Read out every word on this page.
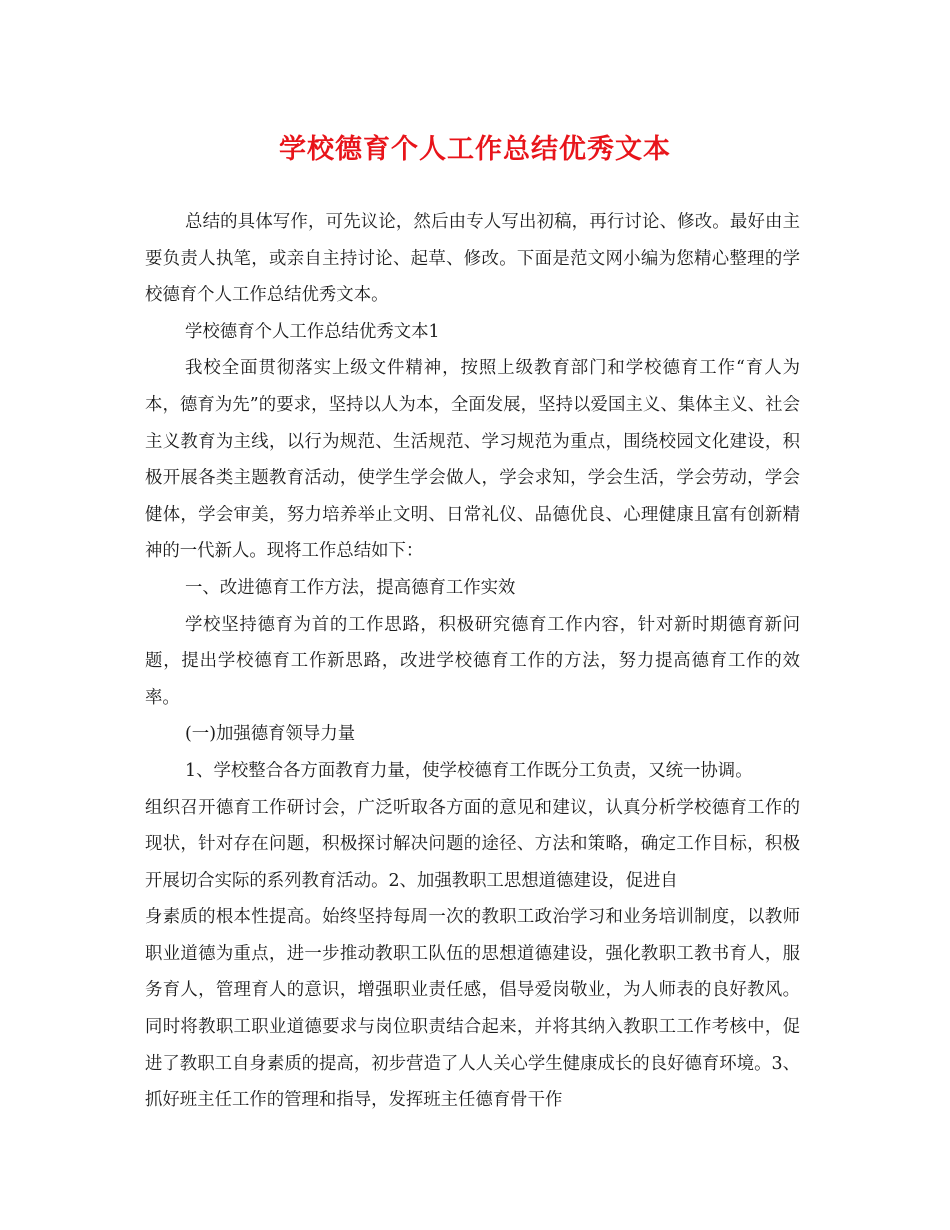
学校德育个人工作总结优秀文本

总结的具体写作，可先议论，然后由专人写出初稿，再行讨论、修改。最好由主要负责人执笔，或亲自主持讨论、起草、修改。下面是范文网小编为您精心整理的学校德育个人工作总结优秀文本。

学校德育个人工作总结优秀文本1

我校全面贯彻落实上级文件精神，按照上级教育部门和学校德育工作“育人为本，德育为先”的要求，坚持以人为本，全面发展，坚持以爱国主义、集体主义、社会主义教育为主线，以行为规范、生活规范、学习规范为重点，围绕校园文化建设，积极开展各类主题教育活动，使学生学会做人，学会求知，学会生活，学会劳动，学会健体，学会审美，努力培养举止文明、日常礼仪、品德优良、心理健康且富有创新精神的一代新人。现将工作总结如下：

一、改进德育工作方法，提高德育工作实效

学校坚持德育为首的工作思路，积极研究德育工作内容，针对新时期德育新问题，提出学校德育工作新思路，改进学校德育工作的方法，努力提高德育工作的效率。

(一)加强德育领导力量

1、学校整合各方面教育力量，使学校德育工作既分工负责，又统一协调。

组织召开德育工作研讨会，广泛听取各方面的意见和建议，认真分析学校德育工作的现状，针对存在问题，积极探讨解决问题的途径、方法和策略，确定工作目标，积极开展切合实际的系列教育活动。2、加强教职工思想道德建设，促进自

身素质的根本性提高。始终坚持每周一次的教职工政治学习和业务培训制度，以教师职业道德为重点，进一步推动教职工队伍的思想道德建设，强化教职工教书育人，服务育人，管理育人的意识，增强职业责任感，倡导爱岗敬业，为人师表的良好教风。同时将教职工职业道德要求与岗位职责结合起来，并将其纳入教职工工作考核中，促进了教职工自身素质的提高，初步营造了人人关心学生健康成长的良好德育环境。3、抓好班主任工作的管理和指导，发挥班主任德育骨干作
